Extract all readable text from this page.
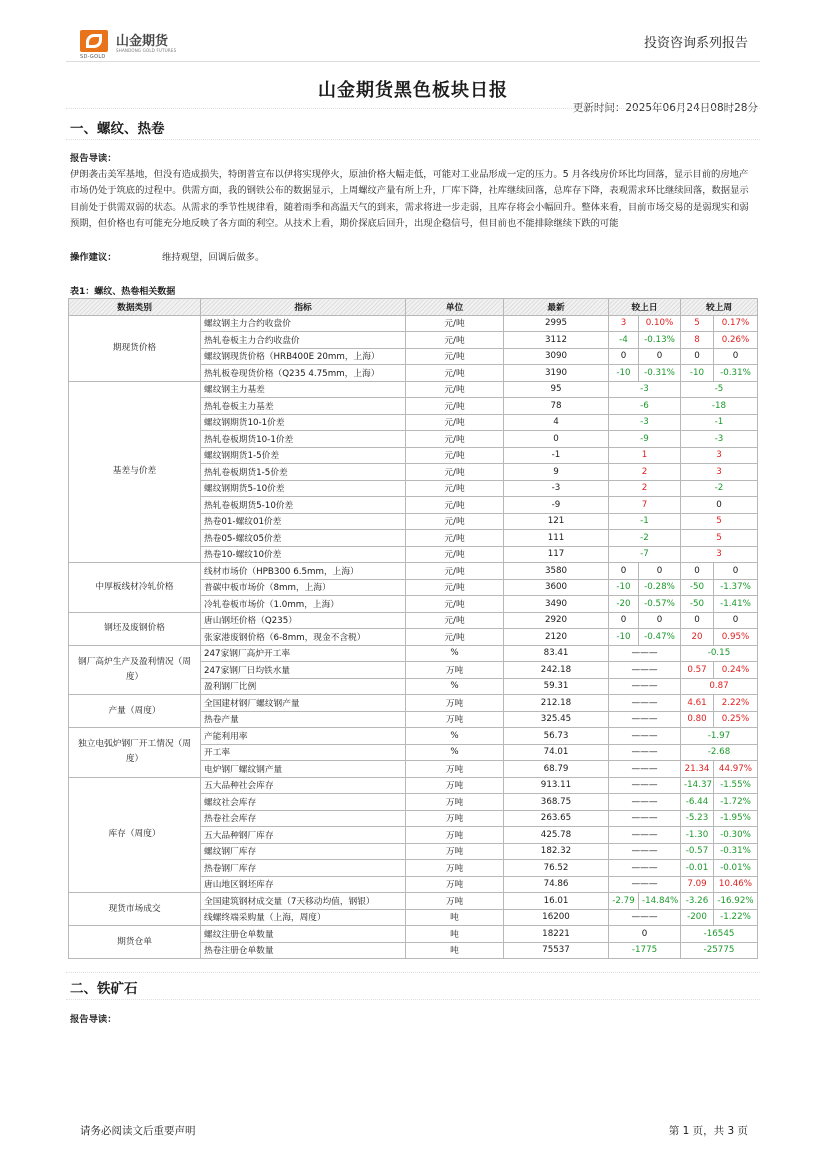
SD-GOLD
山金期货
SHANDONG GOLD FUTURES	投资咨询系列报告
山金期货黑色板块日报
更新时间：2025年06月24日08时28分
一、螺纹、热卷
报告导读：
伊朗袭击美军基地，但没有造成损失，特朗普宣布以伊将实现停火，原油价格大幅走低，可能对工业品形成一定的压力。5 月各线房价环比均回落，显示目前的房地产市场仍处于筑底的过程中。供需方面，我的钢铁公布的数据显示，上周螺纹产量有所上升，厂库下降，社库继续回落，总库存下降，表观需求环比继续回落，数据显示目前处于供需双弱的状态。从需求的季节性规律看，随着雨季和高温天气的到来，需求将进一步走弱，且库存将会小幅回升。整体来看，目前市场交易的是弱现实和弱预期，但价格也有可能充分地反映了各方面的利空。从技术上看，期价探底后回升，出现企稳信号，但目前也不能排除继续下跌的可能
操作建议：	维持观望，回调后做多。
表1：螺纹、热卷相关数据
数据类别	指标	单位	最新	较上日		较上周	
期现货价格	螺纹钢主力合约收盘价	元/吨	2995	3	0.10%	5	0.17%
	热轧卷板主力合约收盘价	元/吨	3112	-4	-0.13%	8	0.26%
	螺纹钢现货价格（HRB400E 20mm，上海）	元/吨	3090	0	0	0	0
	热轧板卷现货价格（Q235 4.75mm，上海）	元/吨	3190	-10	-0.31%	-10	-0.31%
基差与价差	螺纹钢主力基差	元/吨	95	-3		-5	
	热轧卷板主力基差	元/吨	78	-6		-18	
	螺纹钢期货10-1价差	元/吨	4	-3		-1	
	热轧卷板期货10-1价差	元/吨	0	-9		-3	
	螺纹钢期货1-5价差	元/吨	-1	1		3	
	热轧卷板期货1-5价差	元/吨	9	2		3	
	螺纹钢期货5-10价差	元/吨	-3	2		-2	
	热轧卷板期货5-10价差	元/吨	-9	7		0	
	热卷01-螺纹01价差	元/吨	121	-1		5	
	热卷05-螺纹05价差	元/吨	111	-2		5	
	热卷10-螺纹10价差	元/吨	117	-7		3	
中厚板线材冷轧价格	线材市场价（HPB300 6.5mm，上海）	元/吨	3580	0	0	0	0
	普碳中板市场价（8mm，上海）	元/吨	3600	-10	-0.28%	-50	-1.37%
	冷轧卷板市场价（1.0mm，上海）	元/吨	3490	-20	-0.57%	-50	-1.41%
钢坯及废钢价格	唐山钢坯价格（Q235）	元/吨	2920	0	0	0	0
	张家港废钢价格（6-8mm，现金不含税）	元/吨	2120	-10	-0.47%	20	0.95%
钢厂高炉生产及盈利情况（周度）	247家钢厂高炉开工率	%	83.41	———		-0.15	
	247家钢厂日均铁水量	万吨	242.18	———		0.57	0.24%
	盈利钢厂比例	%	59.31	———		0.87	
产量（周度）	全国建材钢厂螺纹钢产量	万吨	212.18	———		4.61	2.22%
	热卷产量	万吨	325.45	———		0.80	0.25%
独立电弧炉钢厂开工情况（周度）	产能利用率	%	56.73	———		-1.97	
	开工率	%	74.01	———		-2.68	
	电炉钢厂螺纹钢产量	万吨	68.79	———		21.34	44.97%
库存（周度）	五大品种社会库存	万吨	913.11	———		-14.37	-1.55%
	螺纹社会库存	万吨	368.75	———		-6.44	-1.72%
	热卷社会库存	万吨	263.65	———		-5.23	-1.95%
	五大品种钢厂库存	万吨	425.78	———		-1.30	-0.30%
	螺纹钢厂库存	万吨	182.32	———		-0.57	-0.31%
	热卷钢厂库存	万吨	76.52	———		-0.01	-0.01%
	唐山地区钢坯库存	万吨	74.86	———		7.09	10.46%
现货市场成交	全国建筑钢材成交量（7天移动均值，钢银）	万吨	16.01	-2.79	-14.84%	-3.26	-16.92%
	线螺终端采购量（上海，周度）	吨	16200	———		-200	-1.22%
期货仓单	螺纹注册仓单数量	吨	18221	0		-16545	
	热卷注册仓单数量	吨	75537	-1775		-25775	
二、铁矿石
报告导读：
请务必阅读文后重要声明	第 1 页，共 3 页
